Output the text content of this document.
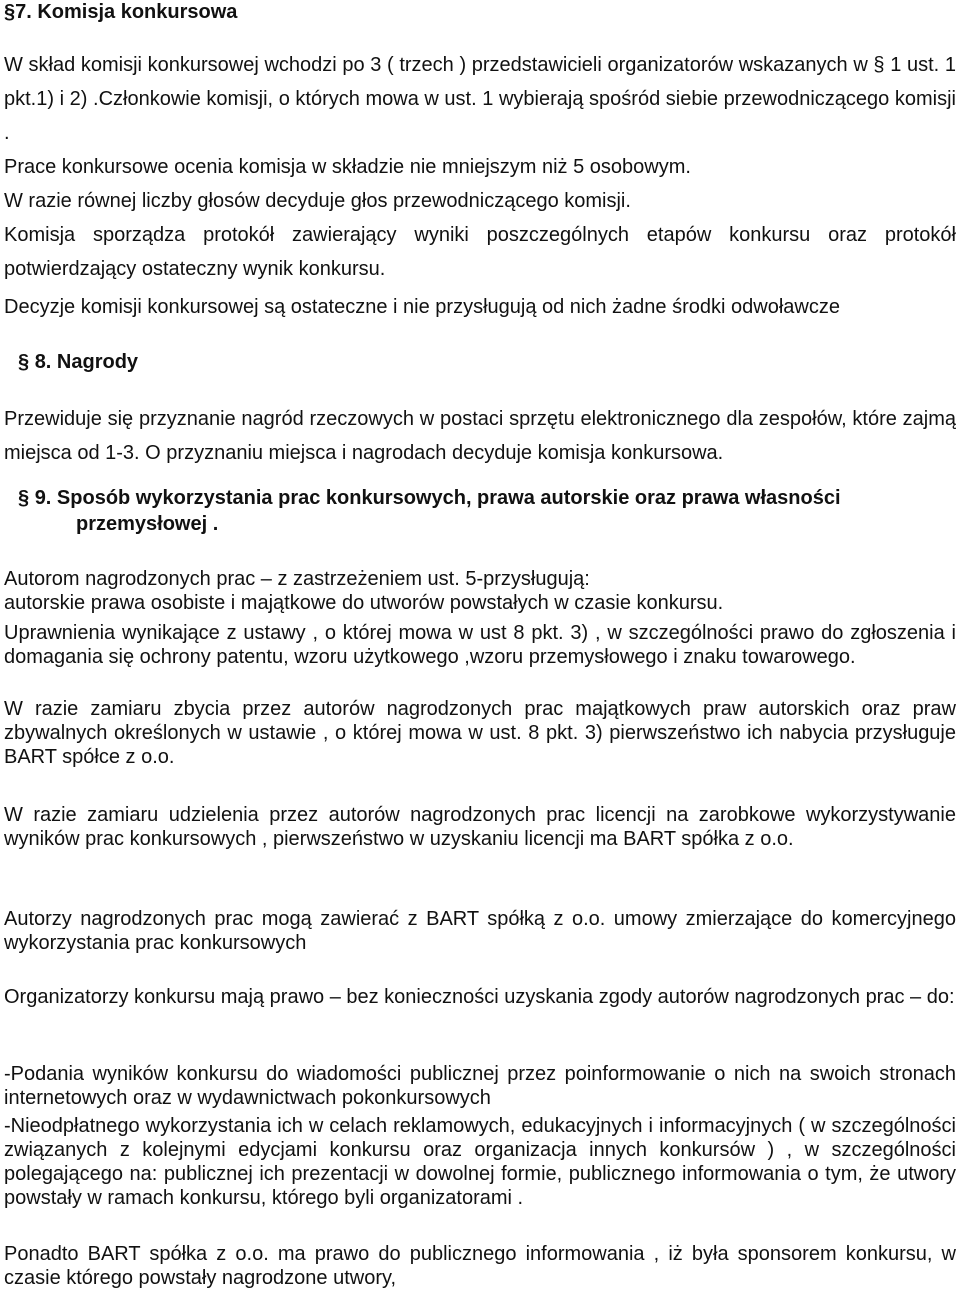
§7. Komisja konkursowa
W skład komisji konkursowej wchodzi po 3 ( trzech ) przedstawicieli organizatorów wskazanych w § 1 ust. 1 pkt.1) i 2) .Członkowie komisji, o których mowa w ust. 1 wybierają spośród siebie przewodniczącego komisji .
Prace konkursowe ocenia komisja w składzie nie mniejszym niż 5 osobowym.
W razie równej liczby głosów decyduje głos przewodniczącego komisji.
Komisja sporządza protokół zawierający wyniki poszczególnych etapów konkursu oraz protokół potwierdzający ostateczny wynik konkursu.
Decyzje komisji konkursowej są ostateczne i nie przysługują od nich żadne środki odwoławcze
§ 8. Nagrody
Przewiduje się przyznanie nagród rzeczowych w postaci sprzętu elektronicznego dla zespołów, które zajmą miejsca od 1-3. O przyznaniu miejsca i nagrodach decyduje komisja konkursowa.
§ 9. Sposób wykorzystania prac konkursowych, prawa autorskie oraz prawa własności
przemysłowej .
Autorom nagrodzonych prac – z zastrzeżeniem ust. 5-przysługują:
autorskie prawa osobiste i majątkowe do utworów powstałych w czasie konkursu.
Uprawnienia wynikające z ustawy , o której mowa w ust 8 pkt. 3) , w szczególności prawo do zgłoszenia i domagania się ochrony patentu, wzoru użytkowego ,wzoru przemysłowego i znaku towarowego.
W razie zamiaru zbycia przez autorów nagrodzonych prac majątkowych praw autorskich oraz praw zbywalnych określonych w ustawie , o której mowa w ust. 8 pkt. 3) pierwszeństwo ich nabycia przysługuje BART spółce z o.o.
W razie zamiaru udzielenia przez autorów nagrodzonych prac licencji na zarobkowe wykorzystywanie wyników prac konkursowych , pierwszeństwo w uzyskaniu licencji ma BART spółka z o.o.
Autorzy nagrodzonych prac mogą zawierać z BART spółką z o.o. umowy zmierzające do komercyjnego wykorzystania prac konkursowych
Organizatorzy konkursu mają prawo – bez konieczności uzyskania zgody autorów nagrodzonych prac – do:
-Podania wyników konkursu do wiadomości publicznej przez poinformowanie o nich na swoich stronach internetowych oraz w wydawnictwach pokonkursowych
-Nieodpłatnego wykorzystania ich w celach reklamowych, edukacyjnych i informacyjnych ( w szczególności związanych z kolejnymi edycjami konkursu oraz organizacja innych konkursów ) , w szczególności polegającego na: publicznej ich prezentacji w dowolnej formie, publicznego informowania o tym, że utwory powstały w ramach konkursu, którego byli organizatorami .
Ponadto BART spółka z o.o. ma prawo do publicznego informowania , iż była sponsorem konkursu, w czasie którego powstały nagrodzone utwory,
